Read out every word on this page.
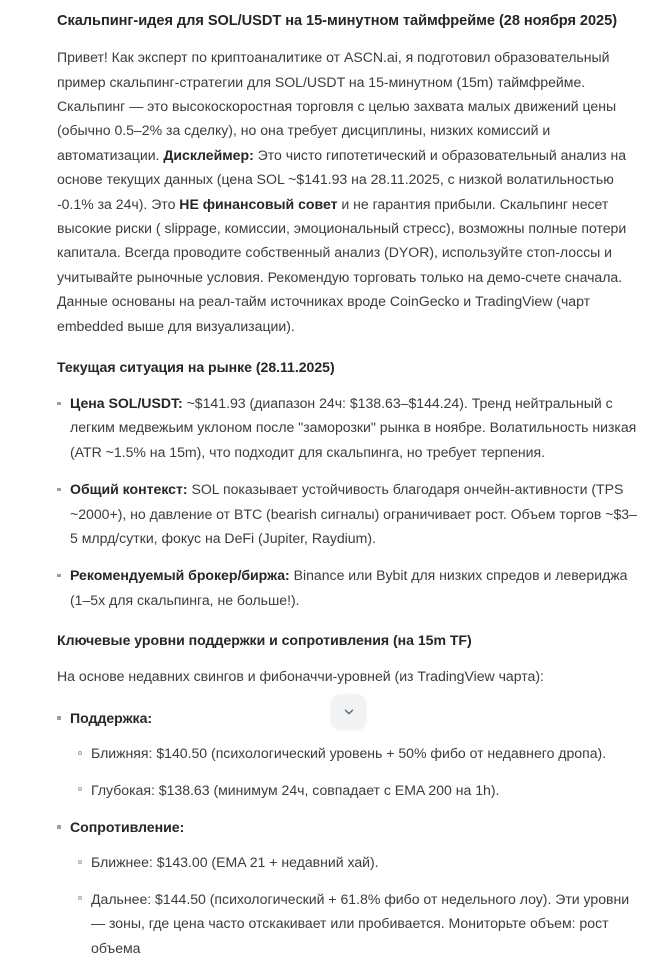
Скальпинг-идея для SOL/USDT на 15-минутном таймфрейме (28 ноября 2025)

Привет! Как эксперт по криптоаналитике от ASCN.ai, я подготовил образовательный пример скальпинг-стратегии для SOL/USDT на 15-минутном (15m) таймфрейме. Скальпинг — это высокоскоростная торговля с целью захвата малых движений цены (обычно 0.5–2% за сделку), но она требует дисциплины, низких комиссий и автоматизации. Дисклеймер: Это чисто гипотетический и образовательный анализ на основе текущих данных (цена SOL ~$141.93 на 28.11.2025, с низкой волатильностью -0.1% за 24ч). Это НЕ финансовый совет и не гарантия прибыли. Скальпинг несет высокие риски ( slippage, комиссии, эмоциональный стресс), возможны полные потери капитала. Всегда проводите собственный анализ (DYOR), используйте стоп-лоссы и учитывайте рыночные условия. Рекомендую торговать только на демо-счете сначала. Данные основаны на реал-тайм источниках вроде CoinGecko и TradingView (чарт embedded выше для визуализации).

Текущая ситуация на рынке (28.11.2025)
Цена SOL/USDT: ~$141.93 (диапазон 24ч: $138.63–$144.24). Тренд нейтральный с легким медвежьим уклоном после "заморозки" рынка в ноябре. Волатильность низкая (ATR ~1.5% на 15m), что подходит для скальпинга, но требует терпения.
Общий контекст: SOL показывает устойчивость благодаря ончейн-активности (TPS ~2000+), но давление от BTC (bearish сигналы) ограничивает рост. Объем торгов ~$3–5 млрд/сутки, фокус на DeFi (Jupiter, Raydium).
Рекомендуемый брокер/биржа: Binance или Bybit для низких спредов и левериджа (1–5x для скальпинга, не больше!).
Ключевые уровни поддержки и сопротивления (на 15m TF)

На основе недавних свингов и фибоначчи-уровней (из TradingView чарта):

Поддержка:
Ближняя: $140.50 (психологический уровень + 50% фибо от недавнего дропа).
Глубокая: $138.63 (минимум 24ч, совпадает с EMA 200 на 1h).
Сопротивление:
Ближнее: $143.00 (EMA 21 + недавний хай).
Дальнее: $144.50 (психологический + 61.8% фибо от недельного лоу). Эти уровни — зоны, где цена часто отскакивает или пробивается. Мониторьте объем: рост объема
